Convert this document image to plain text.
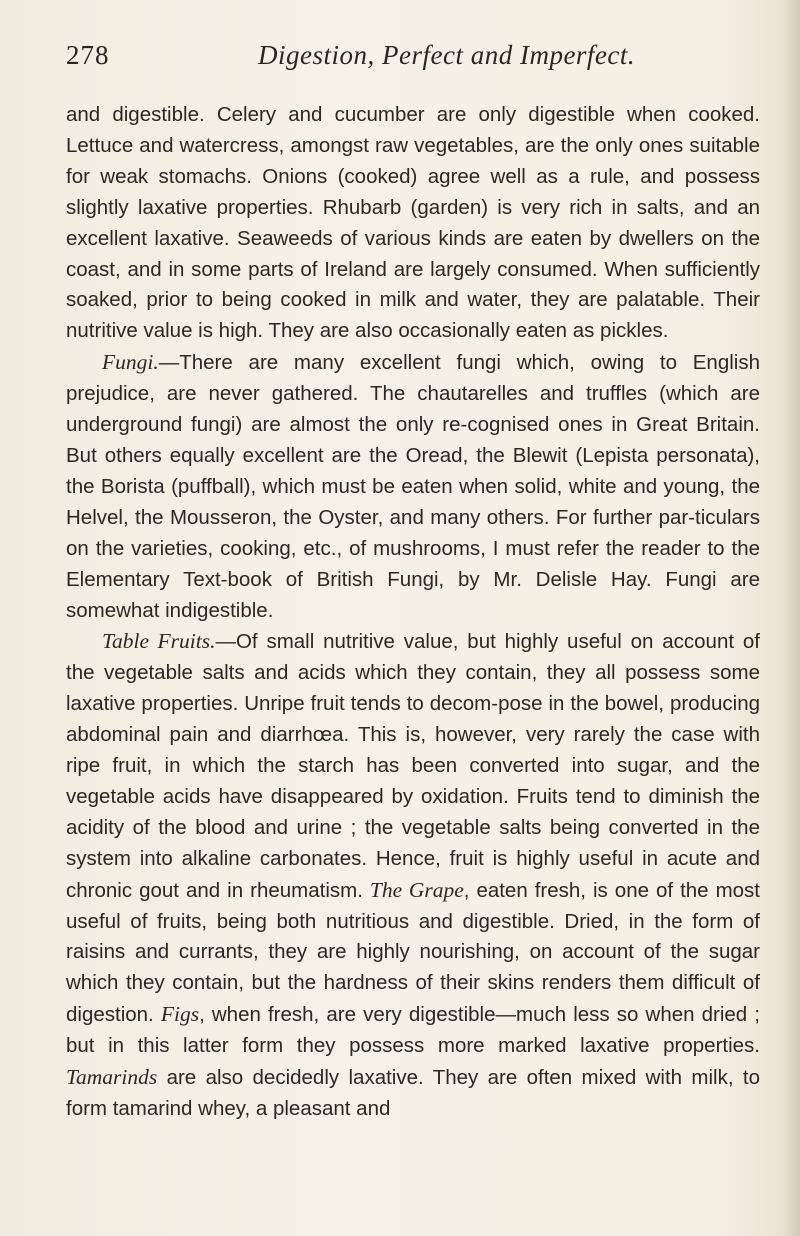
278	Digestion, Perfect and Imperfect.

and digestible. Celery and cucumber are only digestible when cooked. Lettuce and watercress, amongst raw vegetables, are the only ones suitable for weak stomachs. Onions (cooked) agree well as a rule, and possess slightly laxative properties. Rhubarb (garden) is very rich in salts, and an excellent laxative. Seaweeds of various kinds are eaten by dwellers on the coast, and in some parts of Ireland are largely consumed. When sufficiently soaked, prior to being cooked in milk and water, they are palatable. Their nutritive value is high. They are also occasionally eaten as pickles.

Fungi.—There are many excellent fungi which, owing to English prejudice, are never gathered. The chautarelles and truffles (which are underground fungi) are almost the only re-cognised ones in Great Britain. But others equally excellent are the Oread, the Blewit (Lepista personata), the Borista (puffball), which must be eaten when solid, white and young, the Helvel, the Mousseron, the Oyster, and many others. For further par-ticulars on the varieties, cooking, etc., of mushrooms, I must refer the reader to the Elementary Text-book of British Fungi, by Mr. Delisle Hay. Fungi are somewhat indigestible.

Table Fruits.—Of small nutritive value, but highly useful on account of the vegetable salts and acids which they contain, they all possess some laxative properties. Unripe fruit tends to decom-pose in the bowel, producing abdominal pain and diarrhœa. This is, however, very rarely the case with ripe fruit, in which the starch has been converted into sugar, and the vegetable acids have disappeared by oxidation. Fruits tend to diminish the acidity of the blood and urine ; the vegetable salts being converted in the system into alkaline carbonates. Hence, fruit is highly useful in acute and chronic gout and in rheumatism. The Grape, eaten fresh, is one of the most useful of fruits, being both nutritious and digestible. Dried, in the form of raisins and currants, they are highly nourishing, on account of the sugar which they contain, but the hardness of their skins renders them difficult of digestion. Figs, when fresh, are very digestible—much less so when dried ; but in this latter form they possess more marked laxative properties. Tamarinds are also decidedly laxative. They are often mixed with milk, to form tamarind whey, a pleasant and
